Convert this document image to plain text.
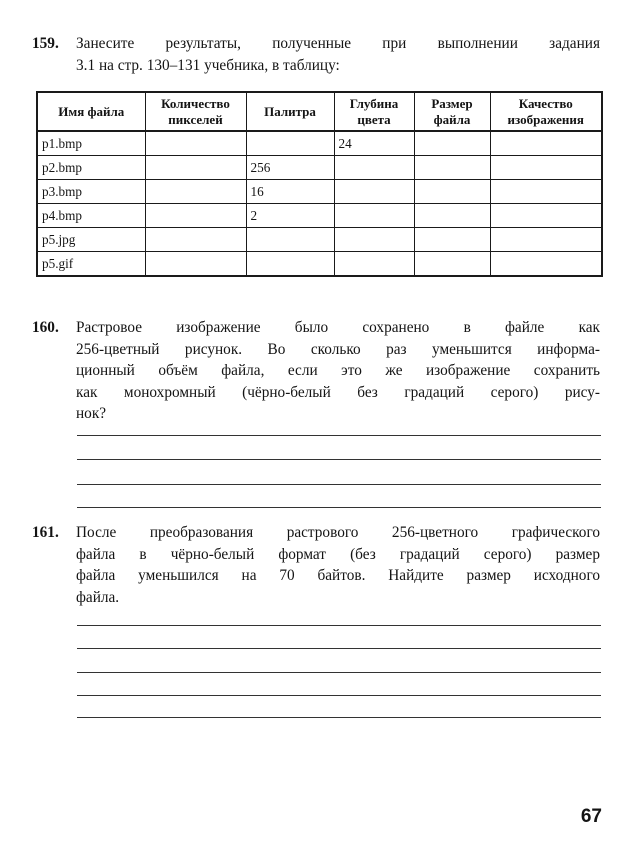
159. Занесите результаты, полученные при выполнении задания
3.1 на стр. 130–131 учебника, в таблицу:
Имя файла	Количество пикселей	Палитра	Глубина цвета	Размер файла	Качество изображения
p1.bmp			24		
p2.bmp		256			
p3.bmp		16			
p4.bmp		2			
p5.jpg					
p5.gif					
160. Растровое изображение было сохранено в файле как
256-цветный рисунок. Во сколько раз уменьшится информа-
ционный объём файла, если это же изображение сохранить
как монохромный (чёрно-белый без градаций серого) рису-
нок?
161. После преобразования растрового 256-цветного графического
файла в чёрно-белый формат (без градаций серого) размер
файла уменьшился на 70 байтов. Найдите размер исходного
файла.
67
